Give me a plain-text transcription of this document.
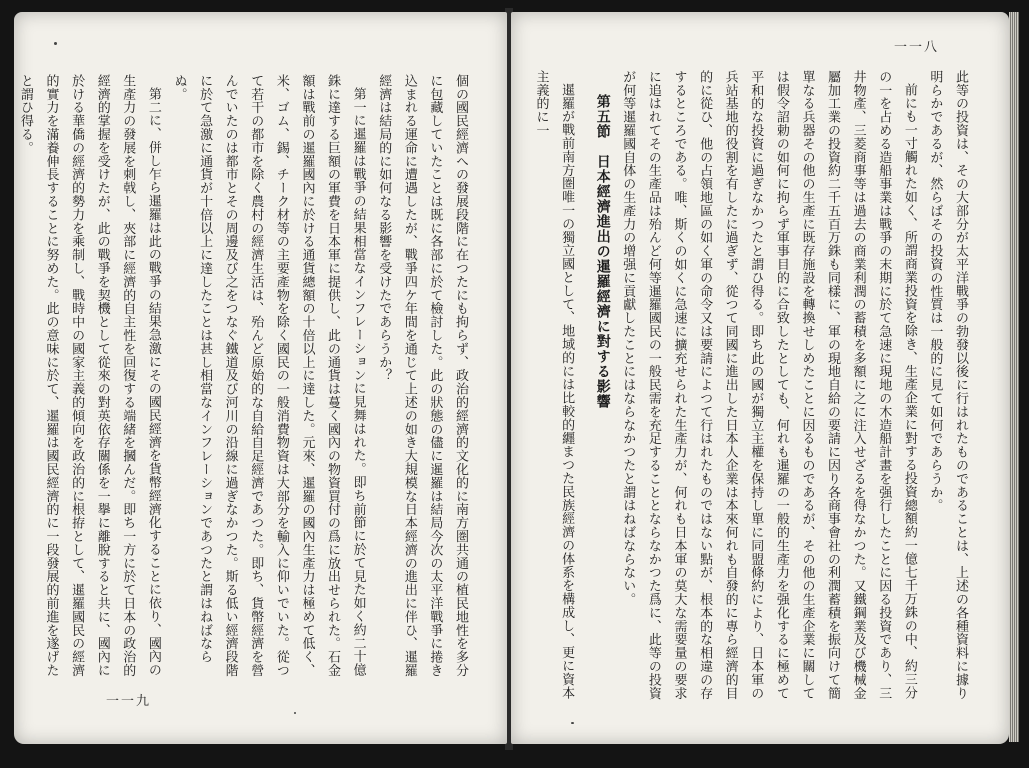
個の國民經濟への發展段階に在つたにも拘らず、政治的經濟的文化的に南方圏共通の植民地性を多分に包藏していたことは既に各部に於て檢討した。此の狀態の儘に暹羅は結局今次の太平洋戰爭に捲き込まれる運命に遭遇したが、戰爭四ケ年間を通じて上述の如き大規模な日本經濟の進出に伴ひ、暹羅經濟は結局的に如何なる影響を受けたであらうか？

第一に暹羅は戰爭の結果相當なインフレーションに見舞はれた。即ち前節に於て見た如く約二十億銖に達する巨額の軍費を日本軍に提供し、此の通貨は蔓く國內の物資買付の爲に放出せられた。石金額は戰前の暹羅國內に於ける通貨總額の十倍以上に達した。元來、暹羅の國內生產力は極めて低く、米、ゴム、錫、チーク材等の主要產物を除く國民の一般消費物資は大部分を輸入に仰いでいた。從つて若干の都市を除く農村の經濟生活は、殆んど原始的な自給自足經濟であつた。即ち、貨幣經濟を營んでいたのは都市とその周邊及び之をつなぐ鐵道及び河川の沿線に過ぎなかつた。斯る低い經濟段階に於て急激に通貨が十倍以上に達したことは甚し相當なインフレーションであつたと謂はねばならぬ。

第二に、併し乍ら暹羅は此の戰爭の結果急激にその國民經濟を貨幣經濟化することに依り、國內の生產力の發展を刺戟し、夾部に經濟的自主性を回復する端緒を摑んだ。即ち一方に於て日本の政治的經濟的掌握を受けたが、此の戰爭を契機として從來の對英依存關係を一擧に離脫すると共に、國內に於ける華僑の經濟的勢力を乘制し、戰時中の國家主義的傾向を政治的に根拵として、暹羅國民の經濟的實力を滿養伸長することに努めた。此の意味に於て、暹羅は國民經濟的に一段發展的前進を遂げたと謂ひ得る。

一一九
一一八

此等の投資は、その大部分が太平洋戰爭の勃發以後に行はれたものであることは、上述の各種資料に據り明らかであるが、然らばその投資の性質は一般的に見て如何であらうか。

前にも一寸觸れた如く、所謂商業投資を除き、生產企業に對する投資總額約一億七千万銖の中、約三分の一を占める造船事業は戰爭の末期に於て急速に現地の木造船計畫を强行したことに因る投資であり、三井物產、三菱商事等は過去の商業利潤の蓄積を多額に之に注入せざるを得なかつた。又鐵鋼業及び機械金屬加工業の投資約二千五百万銖も同樣に、軍の現地自給の要請に因り各商事會社の利潤蓄積を振向けて簡單なる兵器その他の生產に既存施設を轉換せしめたことに因るものであるが、その他の生產企業に關しては假令詔勅の如何に拘らず軍事目的に合致したとしても、何れも暹羅の一般的生產力を强化するに極めて平和的な投資に過ぎなかつたと謂ひ得る。即ち此の國が獨立主權を保持し單に同盟條約により、日本軍の兵站基地的役割を有したに過ぎず、從つて同國に進出した日本人企業は本來何れも自發的に專ら經濟的目的に從ひ、他の占領地區の如く軍の命令又は要請によつて行はれたものではない點が、根本的な相違の存するところである。唯、斯くの如くに急速に擴充せられた生產力が、何れも日本軍の莫大な需要量の要求に追はれてその生產品は殆んど何等暹羅國民の一般民需を充足することとならなかつた爲に、此等の投資が何等暹羅國自体の生產力の增强に貢獻したことにはならなかつたと謂はねばならない。

第五節　日本經濟進出の暹羅經濟に對する影響

暹羅が戰前南方圏唯一の獨立國として、地域的には比較的纒まつた民族經濟の体系を構成し、更に資本主義的に一
